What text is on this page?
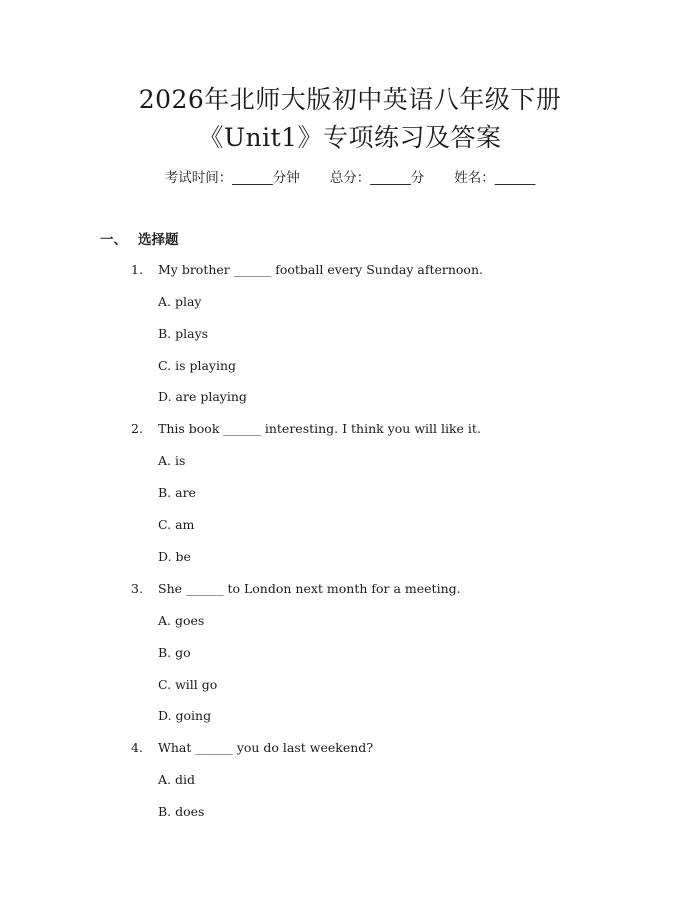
2026年北师大版初中英语八年级下册
《Unit1》专项练习及答案
考试时间：______分钟 总分：______分 姓名：______
一、 选择题
1.	My brother ______ football every Sunday afternoon.
A. play
B. plays
C. is playing
D. are playing
2.	This book ______ interesting. I think you will like it.
A. is
B. are
C. am
D. be
3.	She ______ to London next month for a meeting.
A. goes
B. go
C. will go
D. going
4.	What ______ you do last weekend?
A. did
B. does
